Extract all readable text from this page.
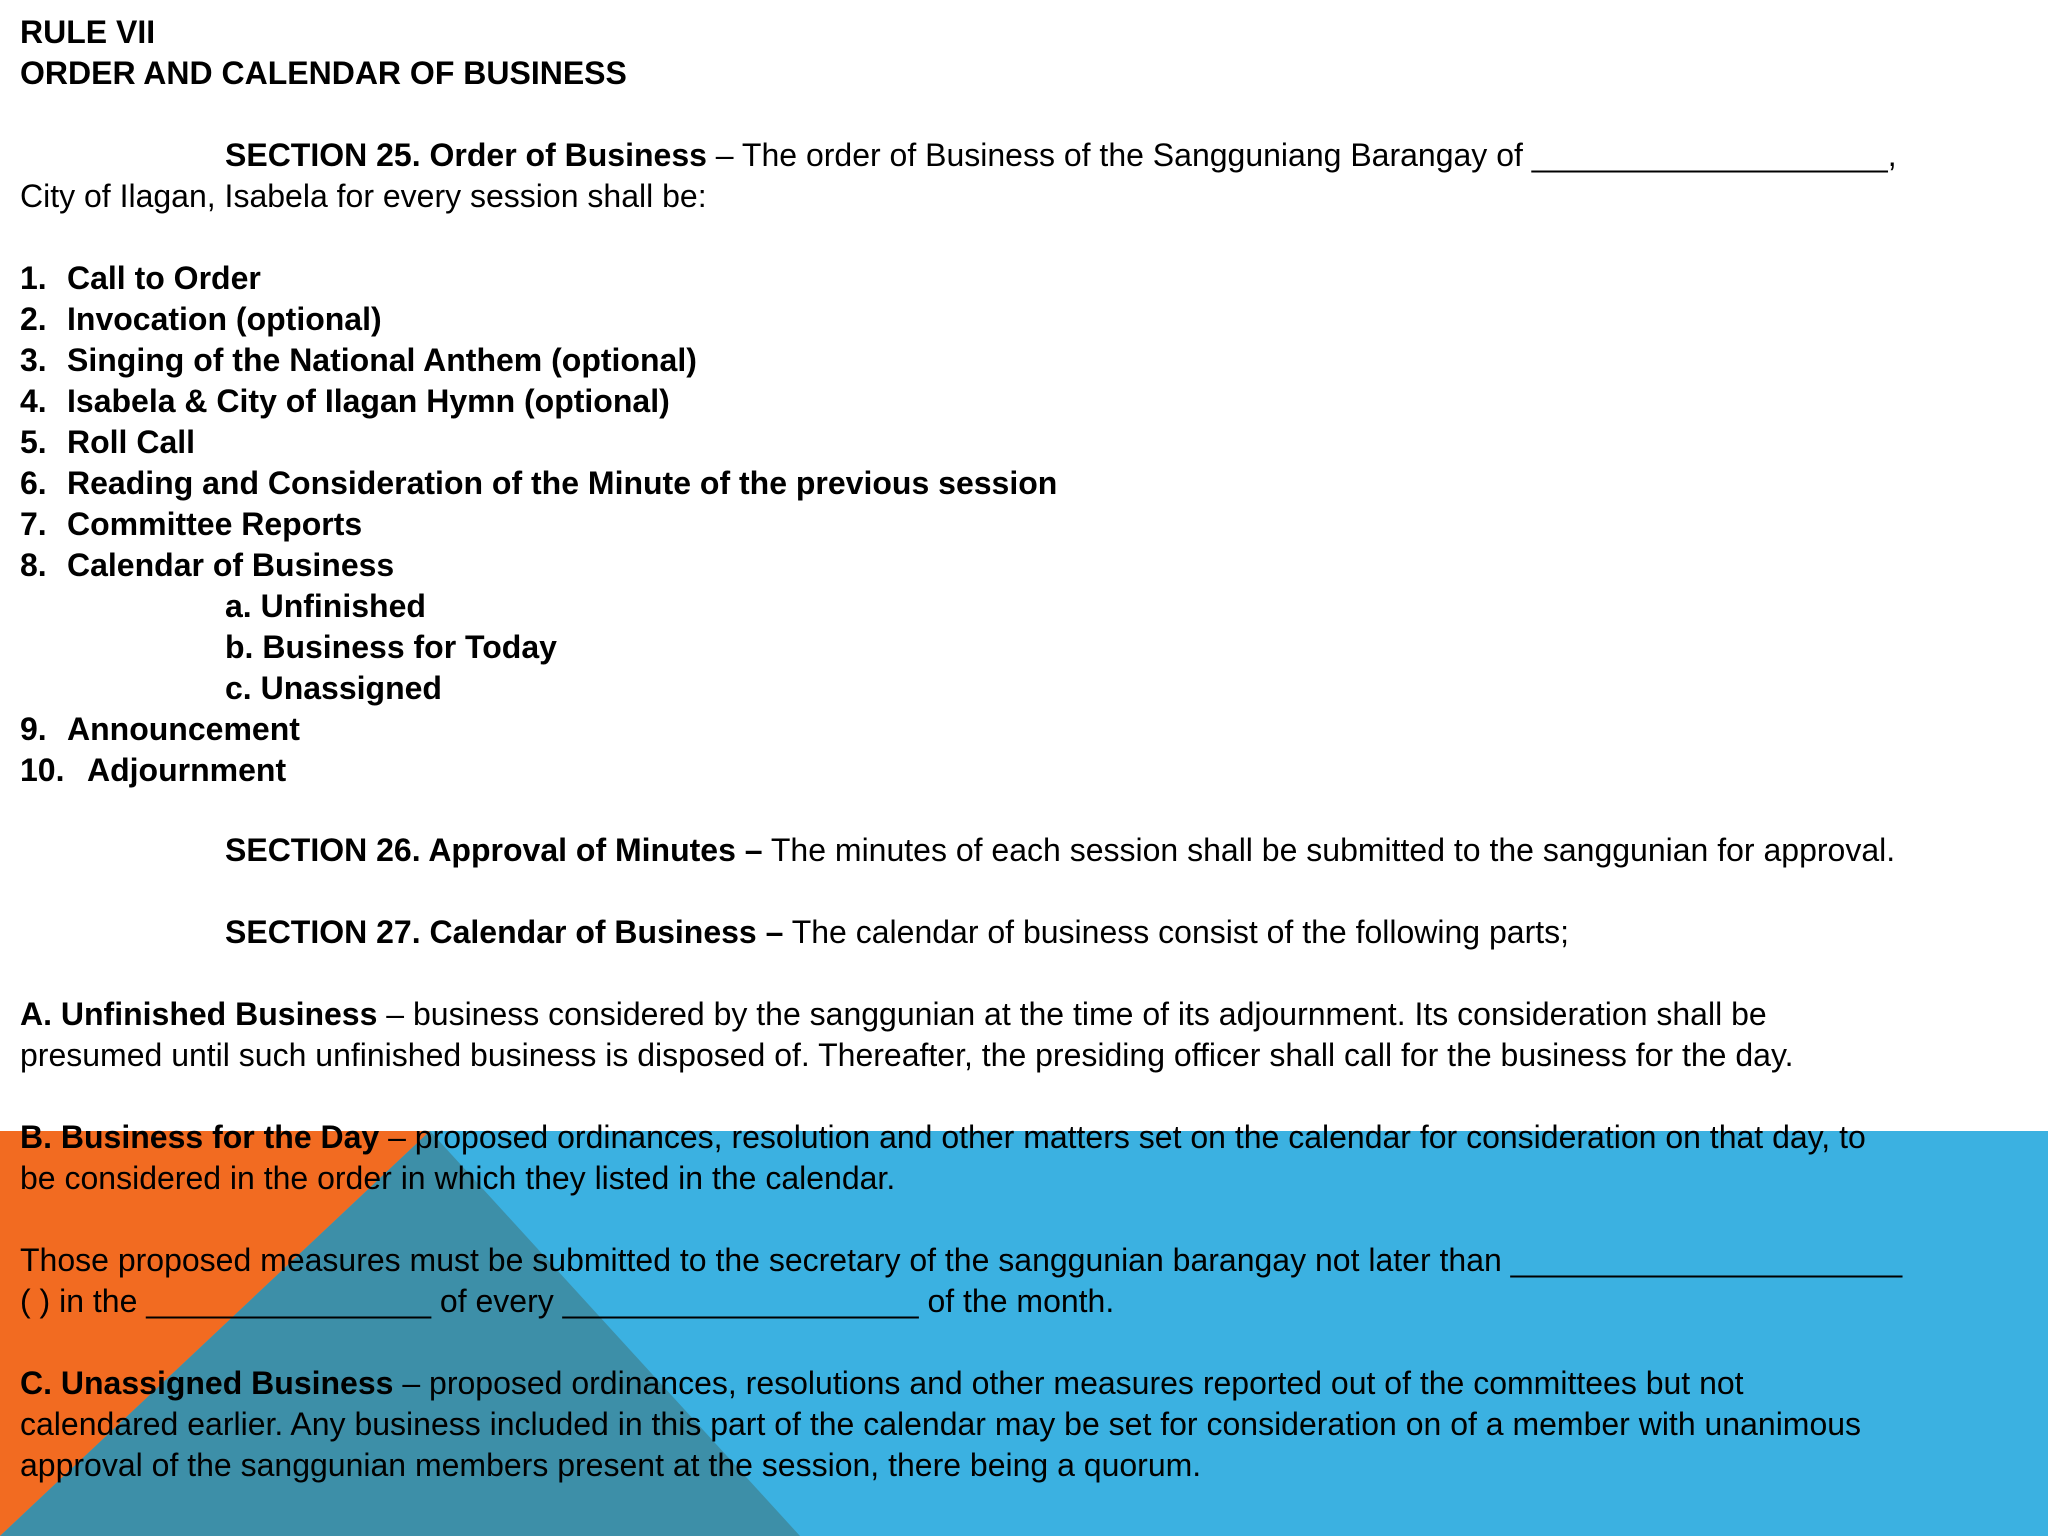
RULE VII
ORDER AND CALENDAR OF BUSINESS
SECTION 25. Order of Business – The order of Business of the Sangguniang Barangay of ____________________,
City of Ilagan, Isabela for every session shall be:
1. Call to Order
2. Invocation (optional)
3. Singing of the National Anthem (optional)
4. Isabela & City of Ilagan Hymn (optional)
5. Roll Call
6. Reading and Consideration of the Minute of the previous session
7. Committee Reports
8. Calendar of Business
a. Unfinished
b. Business for Today
c. Unassigned
9. Announcement
10. Adjournment
SECTION 26. Approval of Minutes – The minutes of each session shall be submitted to the sanggunian for approval.
SECTION 27. Calendar of Business – The calendar of business consist of the following parts;
A. Unfinished Business – business considered by the sanggunian at the time of its adjournment. Its consideration shall be
presumed until such unfinished business is disposed of. Thereafter, the presiding officer shall call for the business for the day.
B. Business for the Day – proposed ordinances, resolution and other matters set on the calendar for consideration on that day, to
be considered in the order in which they listed in the calendar.
Those proposed measures must be submitted to the secretary of the sanggunian barangay not later than ______________________
( ) in the ________________ of every ____________________ of the month.
C. Unassigned Business – proposed ordinances, resolutions and other measures reported out of the committees but not
calendared earlier. Any business included in this part of the calendar may be set for consideration on of a member with unanimous
approval of the sanggunian members present at the session, there being a quorum.
